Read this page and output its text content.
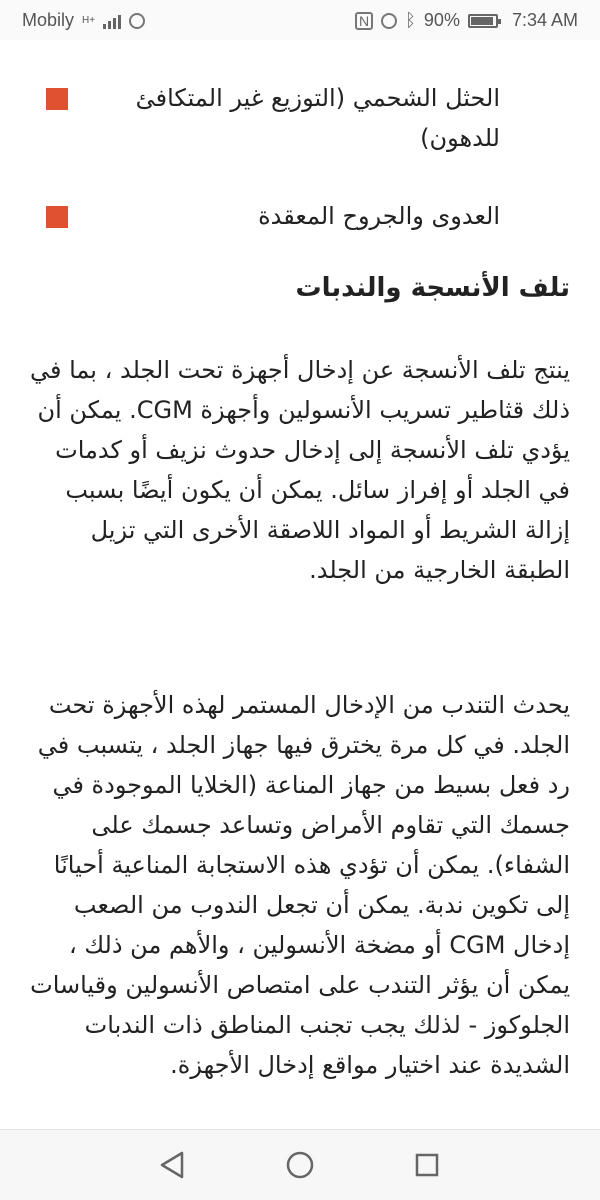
Mobily H+	N ᛒ 90%	7:34 AM
الحثل الشحمي (التوزيع غير المتكافئ للدهون)
العدوى والجروح المعقدة
تلف الأنسجة والندبات
ينتج تلف الأنسجة عن إدخال أجهزة تحت الجلد ، بما في ذلك قثاطير تسريب الأنسولين وأجهزة CGM. يمكن أن يؤدي تلف الأنسجة إلى إدخال حدوث نزيف أو كدمات في الجلد أو إفراز سائل. يمكن أن يكون أيضًا بسبب إزالة الشريط أو المواد اللاصقة الأخرى التي تزيل الطبقة الخارجية من الجلد.
يحدث التندب من الإدخال المستمر لهذه الأجهزة تحت الجلد. في كل مرة يخترق فيها جهاز الجلد ، يتسبب في رد فعل بسيط من جهاز المناعة (الخلايا الموجودة في جسمك التي تقاوم الأمراض وتساعد جسمك على الشفاء). يمكن أن تؤدي هذه الاستجابة المناعية أحيانًا إلى تكوين ندبة. يمكن أن تجعل الندوب من الصعب إدخال CGM أو مضخة الأنسولين ، والأهم من ذلك ، يمكن أن يؤثر التندب على امتصاص الأنسولين وقياسات الجلوكوز - لذلك يجب تجنب المناطق ذات الندبات الشديدة عند اختيار مواقع إدخال الأجهزة.
